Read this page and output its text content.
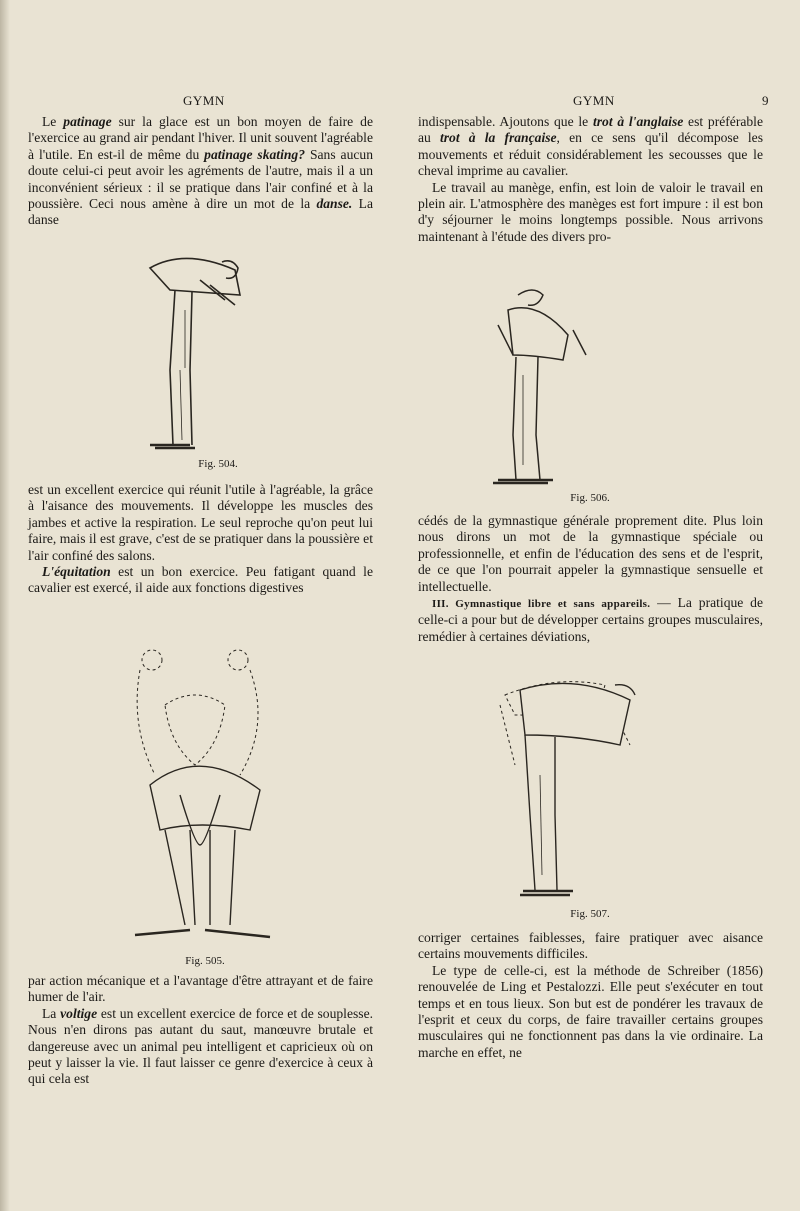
GYMN	GYMN	9

Le patinage sur la glace est un bon moyen de faire de l'exercice au grand air pendant l'hiver. Il unit souvent l'agréable à l'utile. En est-il de même du patinage skating? Sans aucun doute celui-ci peut avoir les agréments de l'autre, mais il a un inconvénient sérieux : il se pratique dans l'air confiné et à la poussière. Ceci nous amène à dire un mot de la danse. La danse

Fig. 504.

est un excellent exercice qui réunit l'utile à l'agréable, la grâce à l'aisance des mouvements. Il développe les muscles des jambes et active la respiration. Le seul reproche qu'on peut lui faire, mais il est grave, c'est de se pratiquer dans la poussière et l'air confiné des salons.

L'équitation est un bon exercice. Peu fatigant quand le cavalier est exercé, il aide aux fonctions digestives

Fig. 505.

par action mécanique et a l'avantage d'être attrayant et de faire humer de l'air.

La voltige est un excellent exercice de force et de souplesse. Nous n'en dirons pas autant du saut, manœuvre brutale et dangereuse avec un animal peu intelligent et capricieux où on peut y laisser la vie. Il faut laisser ce genre d'exercice à ceux à qui cela est

indispensable. Ajoutons que le trot à l'anglaise est préférable au trot à la française, en ce sens qu'il décompose les mouvements et réduit considérablement les secousses que le cheval imprime au cavalier.

Le travail au manège, enfin, est loin de valoir le travail en plein air. L'atmosphère des manèges est fort impure : il est bon d'y séjourner le moins longtemps possible. Nous arrivons maintenant à l'étude des divers pro-

Fig. 506.

cédés de la gymnastique générale proprement dite. Plus loin nous dirons un mot de la gymnastique spéciale ou professionnelle, et enfin de l'éducation des sens et de l'esprit, de ce que l'on pourrait appeler la gymnastique sensuelle et intellectuelle.

III. Gymnastique libre et sans appareils. — La pratique de celle-ci a pour but de développer certains groupes musculaires, remédier à certaines déviations,

Fig. 507.

corriger certaines faiblesses, faire pratiquer avec aisance certains mouvements difficiles.

Le type de celle-ci, est la méthode de Schreiber (1856) renouvelée de Ling et Pestalozzi. Elle peut s'exécuter en tout temps et en tous lieux. Son but est de pondérer les travaux de l'esprit et ceux du corps, de faire travailler certains groupes musculaires qui ne fonctionnent pas dans la vie ordinaire. La marche en effet, ne
